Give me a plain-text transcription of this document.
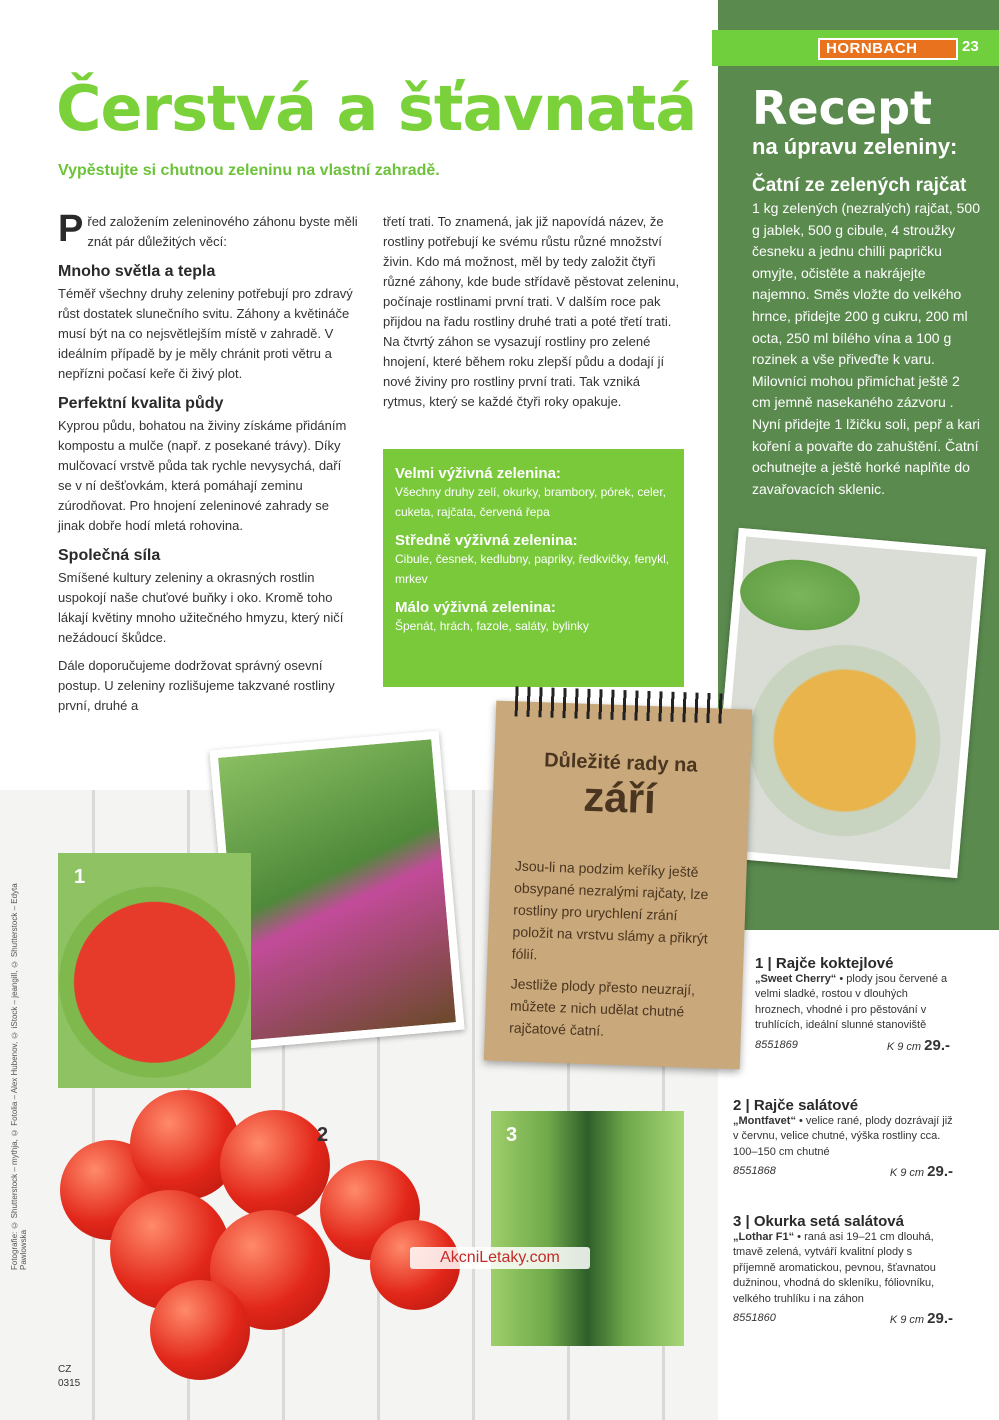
HORNBACH	23
Čerstvá a šťavnatá
Vypěstujte si chutnou zeleninu na vlastní zahradě.
P řed založením zeleninového záhonu byste měli znát pár důležitých věcí:
Mnoho světla a tepla
Téměř všechny druhy zeleniny potřebují pro zdravý růst dostatek slunečního svitu. Záhony a květináče musí být na co nejsvětlejším místě v zahradě. V ideálním případě by je měly chránit proti větru a nepřízni počasí keře či živý plot.
Perfektní kvalita půdy
Kyprou půdu, bohatou na živiny získáme přidáním kompostu a mulče (např. z posekané trávy). Díky mulčovací vrstvě půda tak rychle nevysychá, daří se v ní dešťovkám, která pomáhají zeminu zúrodňovat. Pro hnojení zeleninové zahrady se jinak dobře hodí mletá rohovina.
Společná síla
Smíšené kultury zeleniny a okrasných rostlin uspokojí naše chuťové buňky i oko. Kromě toho lákají květiny mnoho užitečného hmyzu, který ničí nežádoucí škůdce.
Dále doporučujeme dodržovat správný osevní postup. U zeleniny rozlišujeme takzvané rostliny první, druhé a
třetí trati. To znamená, jak již napovídá název, že rostliny potřebují ke svému růstu různé množství živin. Kdo má možnost, měl by tedy založit čtyři různé záhony, kde bude střídavě pěstovat zeleninu, počínaje rostlinami první trati. V dalším roce pak přijdou na řadu rostliny druhé trati a poté třetí trati. Na čtvrtý záhon se vysazují rostliny pro zelené hnojení, které během roku zlepší půdu a dodají jí nové živiny pro rostliny první trati. Tak vzniká rytmus, který se každé čtyři roky opakuje.
Velmi výživná zelenina:
Všechny druhy zelí, okurky, brambory, pórek, celer, cuketa, rajčata, červená řepa
Středně výživná zelenina:
Cibule, česnek, kedlubny, papriky, ředkvičky, fenykl, mrkev
Málo výživná zelenina:
Špenát, hrách, fazole, saláty, bylinky
Recept
na úpravu zeleniny:
Čatní ze zelených rajčat
1 kg zelených (nezralých) rajčat, 500 g jablek, 500 g cibule, 4 stroužky česneku a jednu chilli papričku omyjte, očistěte a nakrájejte najemno. Směs vložte do velkého hrnce, přidejte 200 g cukru, 200 ml octa, 250 ml bílého vína a 100 g rozinek a vše přiveďte k varu. Milovníci mohou přimíchat ještě 2 cm jemně nasekaného zázvoru . Nyní přidejte 1 lžičku soli, pepř a kari koření a povařte do zahuštění. Čatní ochutnejte a ještě horké naplňte do zavařovacích sklenic.
1
2	3
Důležité rady na
září
Jsou-li na podzim keříky ještě obsypané nezralými rajčaty, lze rostliny pro urychlení zrání položit na vrstvu slámy a přikrýt fólií.
Jestliže plody přesto neuzrají, můžete z nich udělat chutné rajčatové čatní.
1 | Rajče koktejlové
„Sweet Cherry“ • plody jsou červené a velmi sladké, rostou v dlouhých hroznech, vhodné i pro pěstování v truhlících, ideální slunné stanoviště
8551869	K 9 cm 29.-
2 | Rajče salátové
„Montfavet“ • velice rané, plody dozrávají již v červnu, velice chutné, výška rostliny cca. 100–150 cm chutné
8551868	K 9 cm 29.-
3 | Okurka setá salátová
„Lothar F1“ • raná asi 19–21 cm dlouhá, tmavě zelená, vytváří kvalitní plody s příjemně aromatickou, pevnou, šťavnatou dužninou, vhodná do skleníku, fóliovníku, velkého truhlíku i na záhon
8551860	K 9 cm 29.-
Fotografie: © Shutterstock – mythja, © Fotolia – Alex Hubenov, © iStock – jeangill, © Shutterstock – Edyta Pawlowska	AkcniLetaky.com
CZ
0315
